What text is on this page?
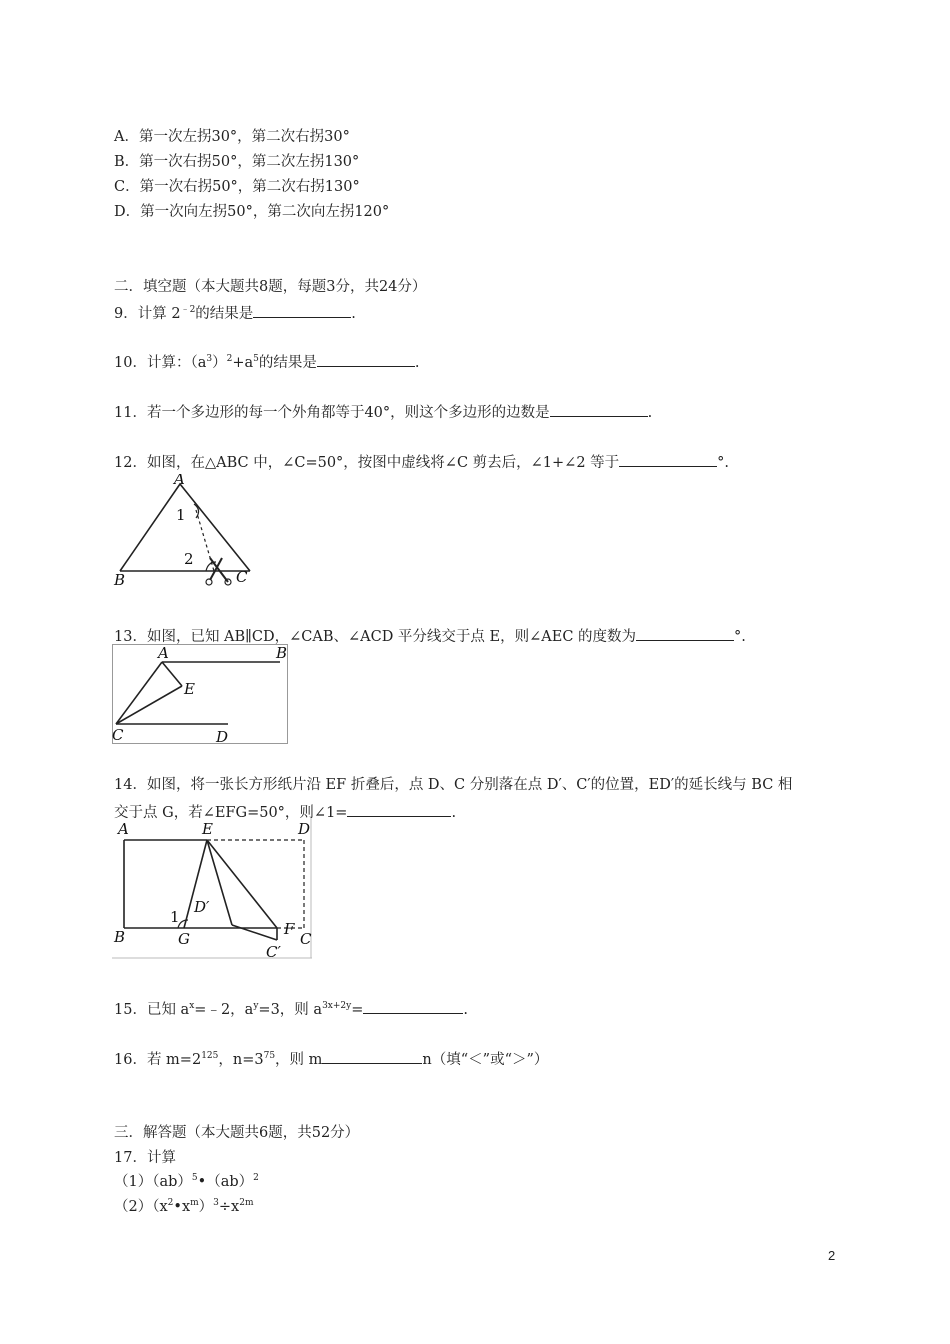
A．第一次左拐30°，第二次右拐30°
B．第一次右拐50°，第二次左拐130°
C．第一次右拐50°，第二次右拐130°
D．第一次向左拐50°，第二次向左拐120°
二．填空题（本大题共8题，每题3分，共24分）
9．计算 $2^{﹣2}$的结果是	.
10．计算：$(a^3)^2+a^5$的结果是	.
11．若一个多边形的每一个外角都等于40°，则这个多边形的边数是	.
12．如图，在△ABC 中，∠C=50°，按图中虚线将∠C 剪去后，∠1+∠2 等于	°.
A
B	C
1
2
13．如图，已知 AB∥CD，∠CAB、∠ACD 平分线交于点 E，则∠AEC 的度数为	°.
A	B
E
C	D
14．如图，将一张长方形纸片沿 EF 折叠后，点 D、C 分别落在点 D′、C′的位置，ED′的延长线与 BC 相
交于点 G，若∠EFG=50°，则∠1=	.
A	E	D
D′
1
F
B	G	C
C′
15．已知 $a^x=﹣2$，$a^y=3$，则 $a^{3x+2y}=$	.
16．若 $m=2^{125}$，$n=3^{75}$，则 m	n（填“＜”或“＞”）
三．解答题（本大题共6题，共52分）
17．计算
（1）（ab）$^5$•（ab）$^2$
$(2)(x^2•x^m)^3\div x^{2m}$
2
